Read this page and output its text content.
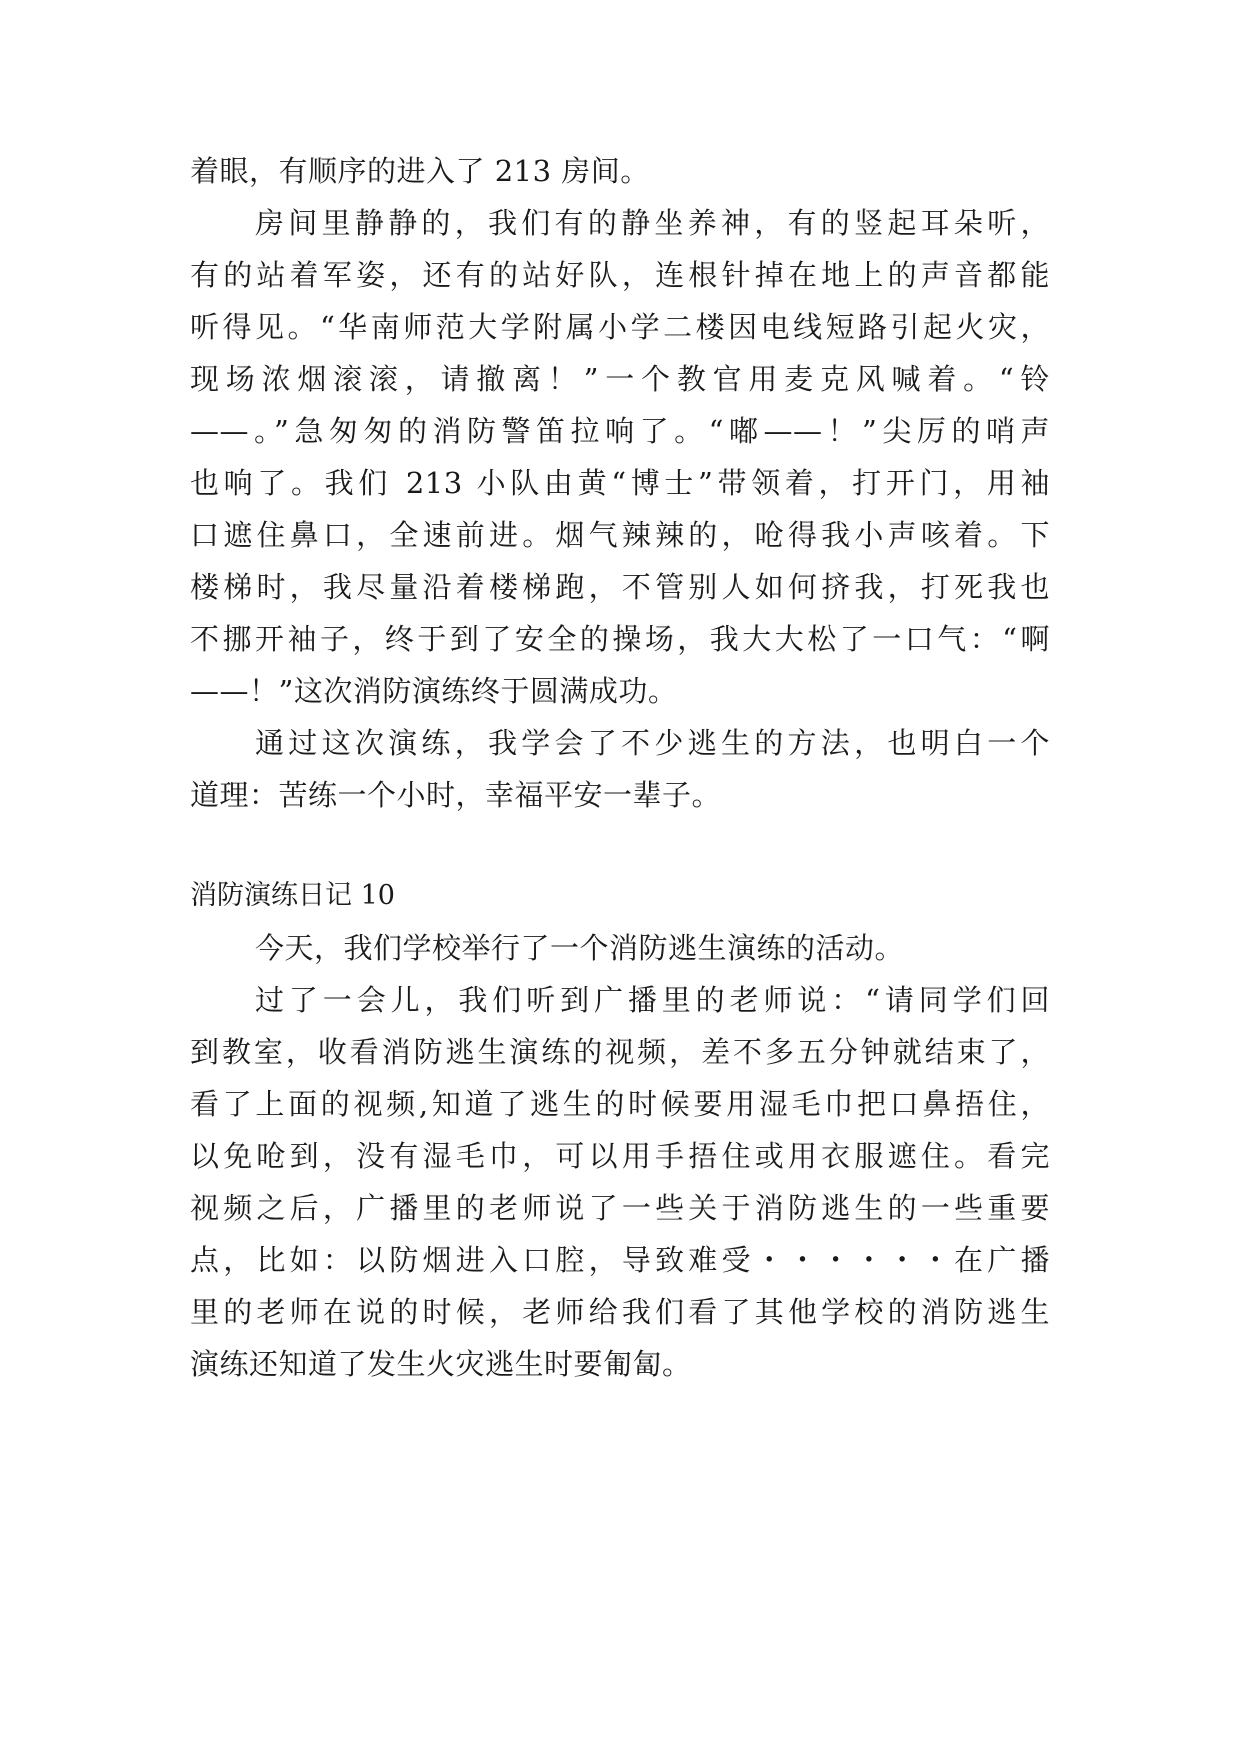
着眼，有顺序的进入了 213 房间。
房间里静静的，我们有的静坐养神，有的竖起耳朵听，
有的站着军姿，还有的站好队，连根针掉在地上的声音都能
听得见。“华南师范大学附属小学二楼因电线短路引起火灾，
现场浓烟滚滚，请撤离！”一个教官用麦克风喊着。“铃
——。”急匆匆的消防警笛拉响了。“嘟——！”尖厉的哨声
也响了。我们 213 小队由黄“博士”带领着，打开门，用袖
口遮住鼻口，全速前进。烟气辣辣的，呛得我小声咳着。下
楼梯时，我尽量沿着楼梯跑，不管别人如何挤我，打死我也
不挪开袖子，终于到了安全的操场，我大大松了一口气：“啊
——！”这次消防演练终于圆满成功。
通过这次演练，我学会了不少逃生的方法，也明白一个
道理：苦练一个小时，幸福平安一辈子。
消防演练日记 10
今天，我们学校举行了一个消防逃生演练的活动。
过了一会儿，我们听到广播里的老师说：“请同学们回
到教室，收看消防逃生演练的视频，差不多五分钟就结束了，
看了上面的视频,知道了逃生的时候要用湿毛巾把口鼻捂住，
以免呛到，没有湿毛巾，可以用手捂住或用衣服遮住。看完
视频之后，广播里的老师说了一些关于消防逃生的一些重要
点，比如：以防烟进入口腔，导致难受・・・・・・在广播
里的老师在说的时候，老师给我们看了其他学校的消防逃生
演练还知道了发生火灾逃生时要匍匐。
